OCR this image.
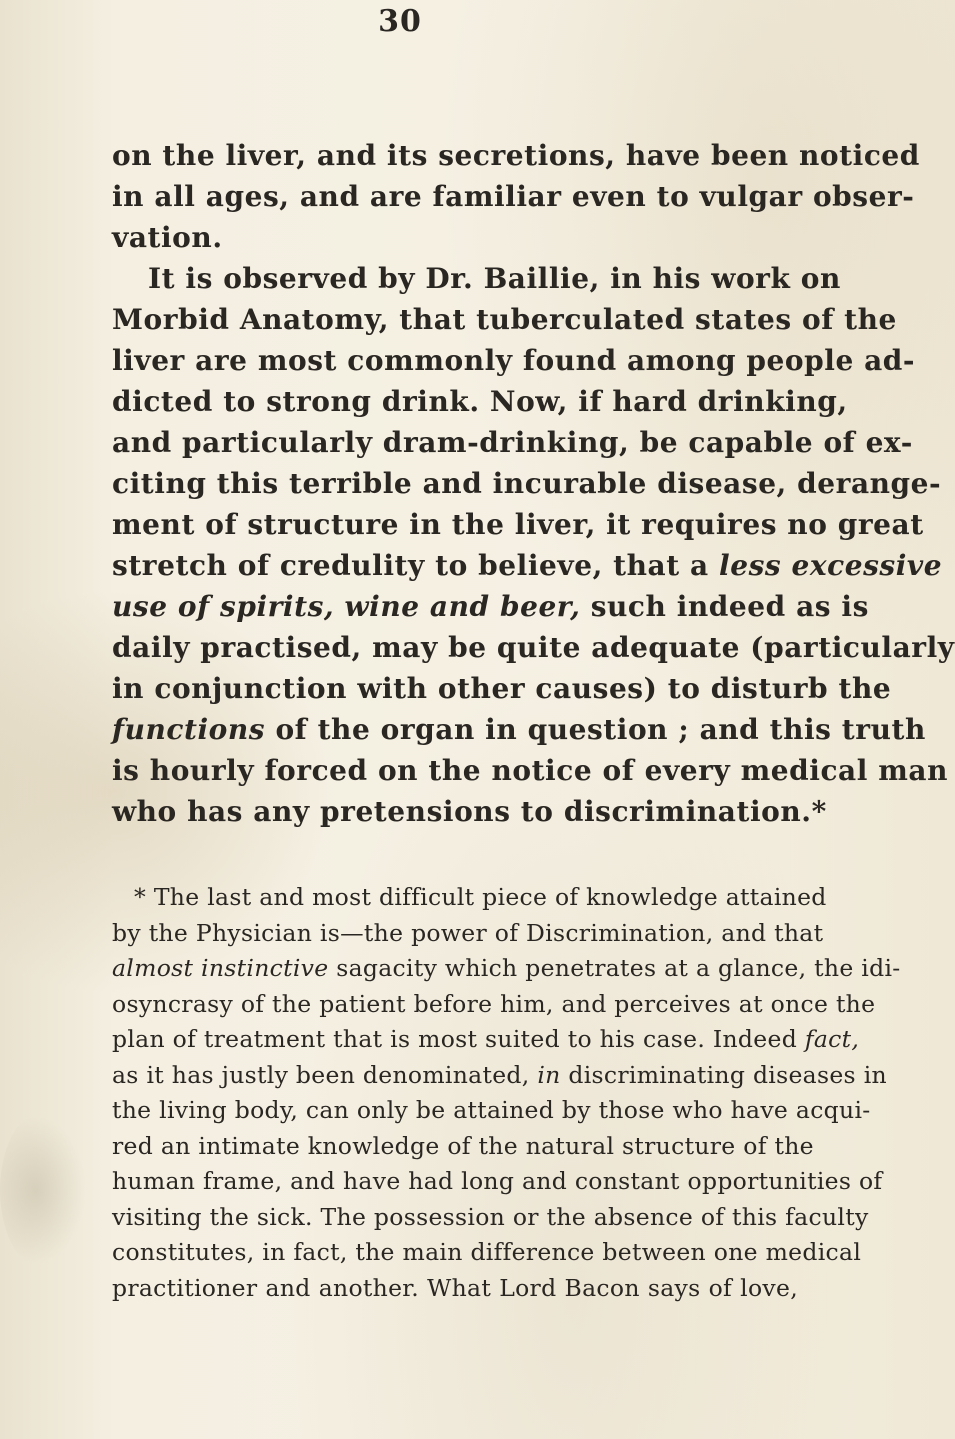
30
on the liver, and its secretions, have been noticed
in all ages, and are familiar even to vulgar obser-
vation.
It is observed by Dr. Baillie, in his work on
Morbid Anatomy, that tuberculated states of the
liver are most commonly found among people ad-
dicted to strong drink. Now, if hard drinking,
and particularly dram-drinking, be capable of ex-
citing this terrible and incurable disease, derange-
ment of structure in the liver, it requires no great
stretch of credulity to believe, that a less excessive
use of spirits, wine and beer, such indeed as is
daily practised, may be quite adequate (particularly
in conjunction with other causes) to disturb the
functions of the organ in question ; and this truth
is hourly forced on the notice of every medical man
who has any pretensions to discrimination.*
* The last and most difficult piece of knowledge attained
by the Physician is—the power of Discrimination, and that
almost instinctive sagacity which penetrates at a glance, the idi-
osyncrasy of the patient before him, and perceives at once the
plan of treatment that is most suited to his case. Indeed fact,
as it has justly been denominated, in discriminating diseases in
the living body, can only be attained by those who have acqui-
red an intimate knowledge of the natural structure of the
human frame, and have had long and constant opportunities of
visiting the sick. The possession or the absence of this faculty
constitutes, in fact, the main difference between one medical
practitioner and another. What Lord Bacon says of love,
